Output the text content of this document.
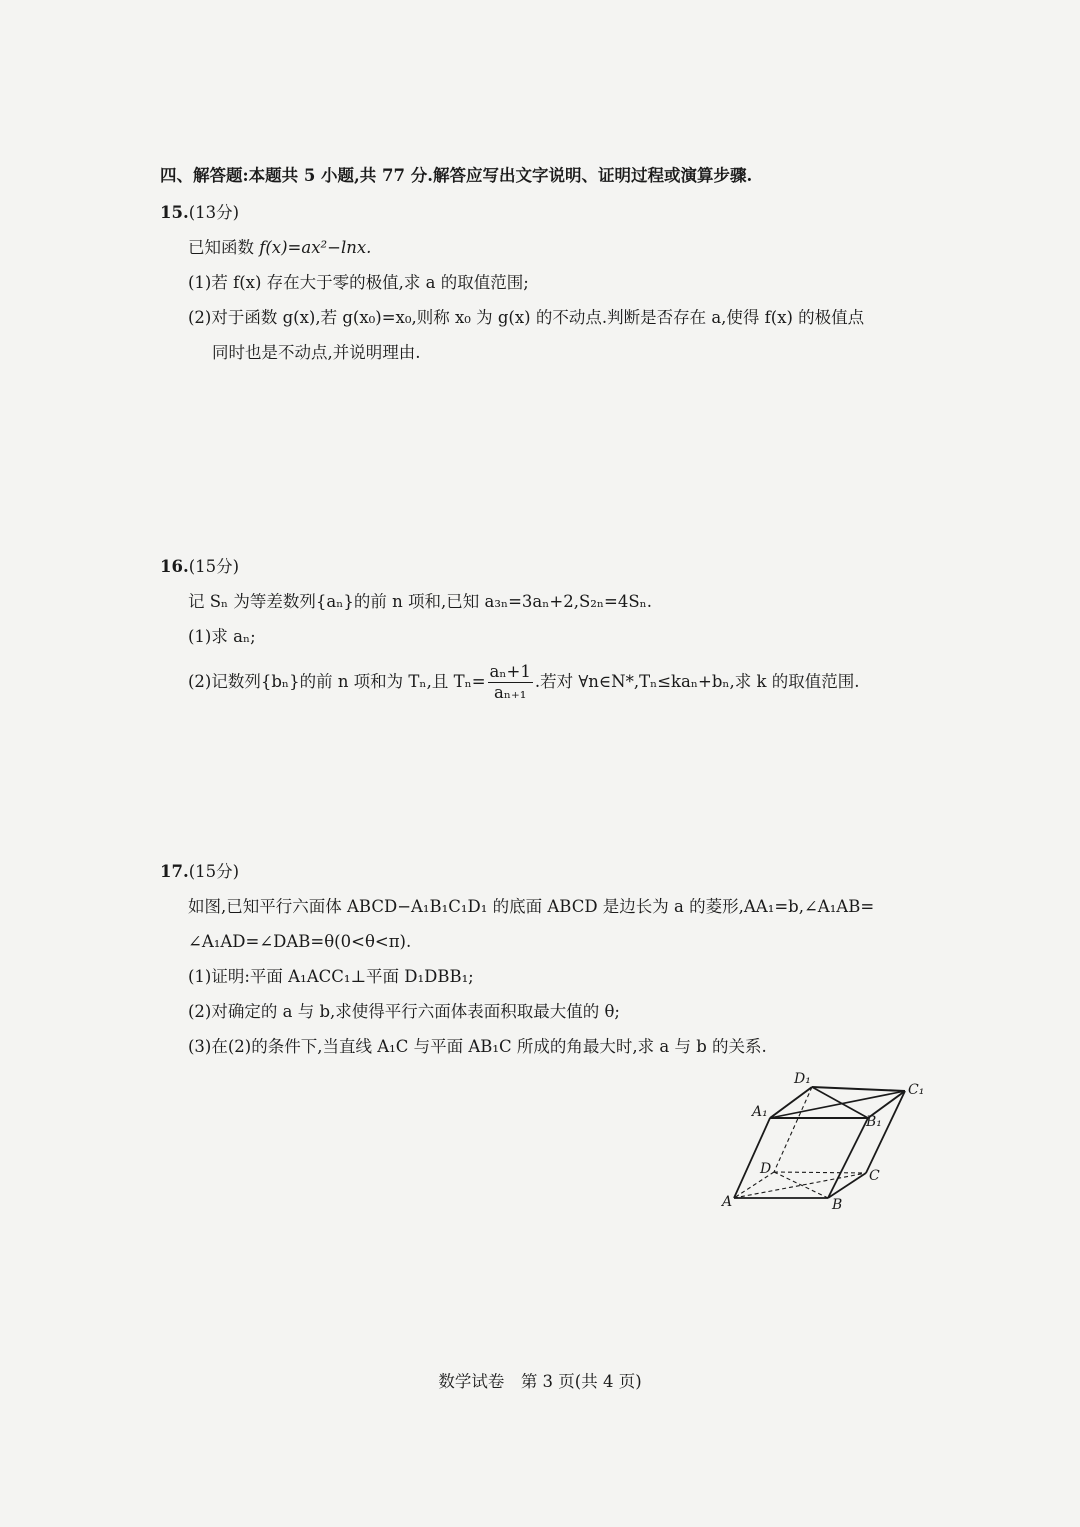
四、解答题:本题共 5 小题,共 77 分.解答应写出文字说明、证明过程或演算步骤.
15.(13分)
已知函数 f(x)=ax²−lnx.
(1)若 f(x) 存在大于零的极值,求 a 的取值范围;
(2)对于函数 g(x),若 g(x₀)=x₀,则称 x₀ 为 g(x) 的不动点.判断是否存在 a,使得 f(x) 的极值点
同时也是不动点,并说明理由.
16.(15分)
记 Sₙ 为等差数列{aₙ}的前 n 项和,已知 a₃ₙ=3aₙ+2,S₂ₙ=4Sₙ.
(1)求 aₙ;
(2)记数列{bₙ}的前 n 项和为 Tₙ,且 $T_n= \frac{\text{aₙ+1}}{\text{aₙ₊₁}}$ .若对 ∀n∈N*,Tₙ≤kaₙ+bₙ,求 k 的取值范围.
17.(15分)
如图,已知平行六面体 ABCD−A₁B₁C₁D₁ 的底面 ABCD 是边长为 a 的菱形,AA₁=b,∠A₁AB=
∠A₁AD=∠DAB=θ(0<θ<π).
(1)证明:平面 A₁ACC₁⊥平面 D₁DBB₁;
(2)对确定的 a 与 b,求使得平行六面体表面积取最大值的 θ;
(3)在(2)的条件下,当直线 A₁C 与平面 AB₁C 所成的角最大时,求 a 与 b 的关系.
D₁
C₁
A₁
B₁
D	C
A	B
数学试卷　第 3 页(共 4 页)
